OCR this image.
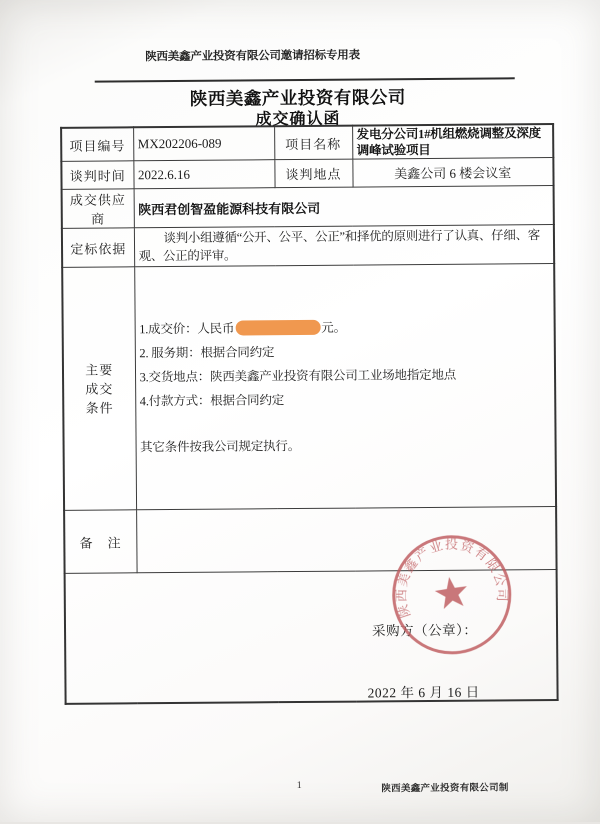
陕西美鑫产业投资有限公司邀请招标专用表
陕西美鑫产业投资有限公司
成交确认函
项目编号	MX202206-089	项目名称	发电分公司1#机组燃烧调整及深度调峰试验项目
谈判时间	2022.6.16	谈判地点	美鑫公司 6 楼会议室
成交供应商	陕西君创智盈能源科技有限公司		
定标依据	谈判小组遵循“公开、公平、公正”和择优的原则进行了认真、仔细、客观、公正的评审。		

主要
成交
条件

1.成交价：人民币	元。
2. 服务期：根据合同约定
3.交货地点：陕西美鑫产业投资有限公司工业场地指定地点
4.付款方式：根据合同约定
其它条件按我公司规定执行。

备　注			

采购方（公章）：
2022 年 6 月 16 日			
陕西美鑫产业投资有限公司
1	陕西美鑫产业投资有限公司制
